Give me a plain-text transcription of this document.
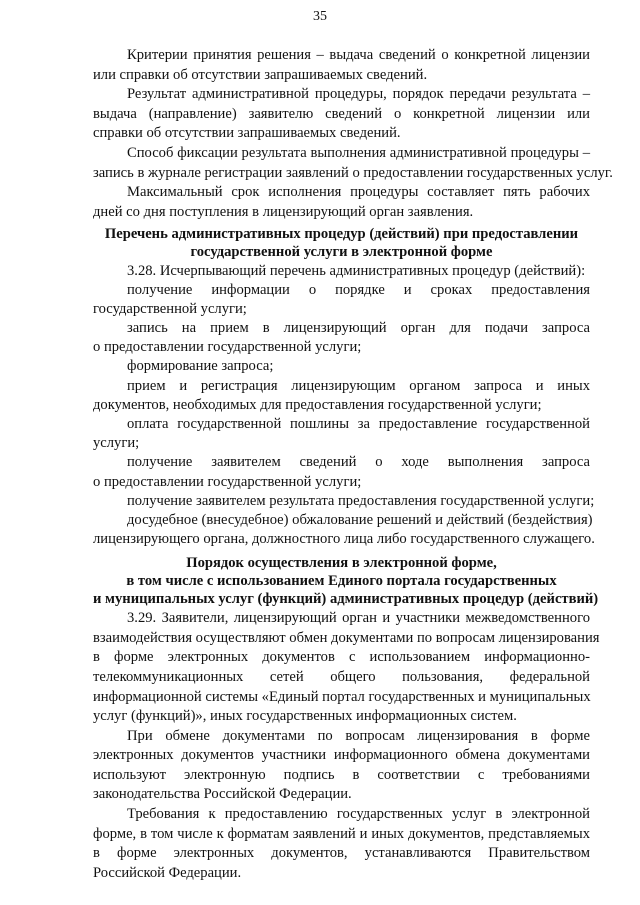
35
Критерии принятия решения – выдача сведений о конкретной лицензии
или справки об отсутствии запрашиваемых сведений.
Результат административной процедуры, порядок передачи результата –
выдача (направление) заявителю сведений о конкретной лицензии или
справки об отсутствии запрашиваемых сведений.
Способ фиксации результата выполнения административной процедуры –
запись в журнале регистрации заявлений о предоставлении государственных услуг.
Максимальный срок исполнения процедуры составляет пять рабочих
дней со дня поступления в лицензирующий орган заявления.
Перечень административных процедур (действий) при предоставлении
государственной услуги в электронной форме
3.28. Исчерпывающий перечень административных процедур (действий):
получение информации о порядке и сроках предоставления
государственной услуги;
запись на прием в лицензирующий орган для подачи запроса
о предоставлении государственной услуги;
формирование запроса;
прием и регистрация лицензирующим органом запроса и иных
документов, необходимых для предоставления государственной услуги;
оплата государственной пошлины за предоставление государственной
услуги;
получение заявителем сведений о ходе выполнения запроса
о предоставлении государственной услуги;
получение заявителем результата предоставления государственной услуги;
досудебное (внесудебное) обжалование решений и действий (бездействия)
лицензирующего органа, должностного лица либо государственного служащего.
Порядок осуществления в электронной форме,
в том числе с использованием Единого портала государственных
и муниципальных услуг (функций) административных процедур (действий)
3.29. Заявители, лицензирующий орган и участники межведомственного
взаимодействия осуществляют обмен документами по вопросам лицензирования
в форме электронных документов с использованием информационно-
телекоммуникационных сетей общего пользования, федеральной
информационной системы «Единый портал государственных и муниципальных
услуг (функций)», иных государственных информационных систем.
При обмене документами по вопросам лицензирования в форме
электронных документов участники информационного обмена документами
используют электронную подпись в соответствии с требованиями
законодательства Российской Федерации.
Требования к предоставлению государственных услуг в электронной
форме, в том числе к форматам заявлений и иных документов, представляемых
в форме электронных документов, устанавливаются Правительством
Российской Федерации.
